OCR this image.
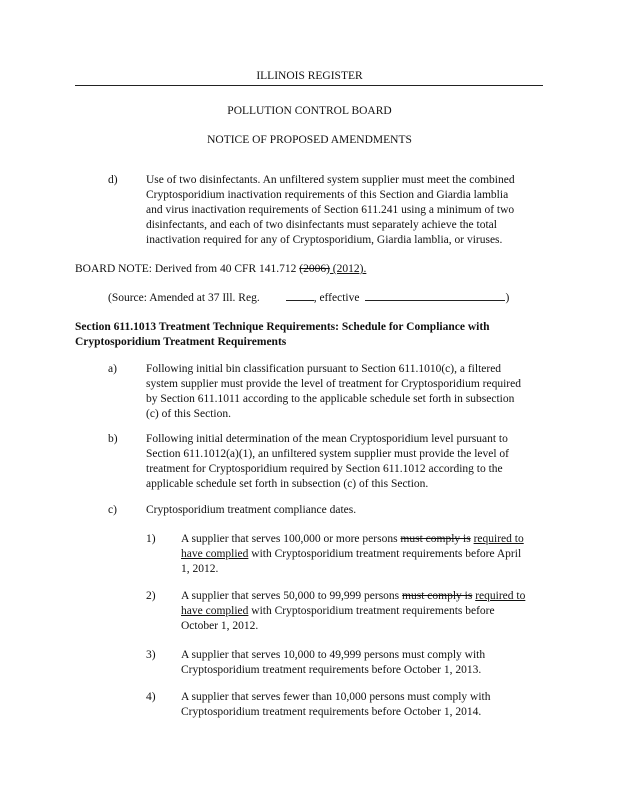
ILLINOIS REGISTER
POLLUTION CONTROL BOARD
NOTICE OF PROPOSED AMENDMENTS
d) Use of two disinfectants. An unfiltered system supplier must meet the combined
Cryptosporidium inactivation requirements of this Section and Giardia lamblia
and virus inactivation requirements of Section 611.241 using a minimum of two
disinfectants, and each of two disinfectants must separately achieve the total
inactivation required for any of Cryptosporidium, Giardia lamblia, or viruses.
BOARD NOTE: Derived from 40 CFR 141.712 (2006) (2012).
(Source: Amended at 37 Ill. Reg.	, effective	)
Section 611.1013 Treatment Technique Requirements: Schedule for Compliance with
Cryptosporidium Treatment Requirements
a)	Following initial bin classification pursuant to Section 611.1010(c), a filtered
system supplier must provide the level of treatment for Cryptosporidium required
by Section 611.1011 according to the applicable schedule set forth in subsection
(c) of this Section.
b) Following initial determination of the mean Cryptosporidium level pursuant to
Section 611.1012(a)(1), an unfiltered system supplier must provide the level of
treatment for Cryptosporidium required by Section 611.1012 according to the
applicable schedule set forth in subsection (c) of this Section.
c)	Cryptosporidium treatment compliance dates.
1) A supplier that serves 100,000 or more persons must comply is required to
have complied with Cryptosporidium treatment requirements before April
1, 2012.
2) A supplier that serves 50,000 to 99,999 persons must comply is required to
have complied with Cryptosporidium treatment requirements before
October 1, 2012.
3) A supplier that serves 10,000 to 49,999 persons must comply with
Cryptosporidium treatment requirements before October 1, 2013.
4) A supplier that serves fewer than 10,000 persons must comply with
Cryptosporidium treatment requirements before October 1, 2014.
